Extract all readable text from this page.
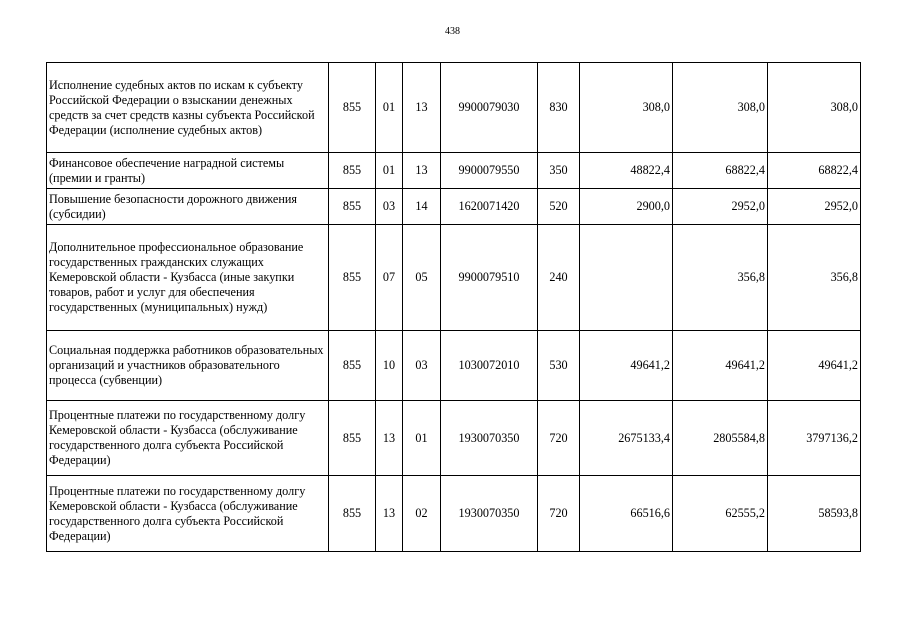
438
Исполнение судебных актов по искам к субъекту Российской Федерации о взыскании денежных средств за счет средств казны субъекта Российской Федерации (исполнение судебных актов)	855	01	13	9900079030	830	308,0	308,0	308,0
Финансовое обеспечение наградной системы (премии и гранты)	855	01	13	9900079550	350	48822,4	68822,4	68822,4
Повышение безопасности дорожного движения (субсидии)	855	03	14	1620071420	520	2900,0	2952,0	2952,0
Дополнительное профессиональное образование государственных гражданских служащих Кемеровской области - Кузбасса (иные закупки товаров, работ и услуг для обеспечения государственных (муниципальных) нужд)	855	07	05	9900079510	240		356,8	356,8
Социальная поддержка работников образовательных организаций и участников образовательного процесса (субвенции)	855	10	03	1030072010	530	49641,2	49641,2	49641,2
Процентные платежи по государственному долгу Кемеровской области - Кузбасса (обслуживание государственного долга субъекта Российской Федерации)	855	13	01	1930070350	720	2675133,4	2805584,8	3797136,2
Процентные платежи по государственному долгу Кемеровской области - Кузбасса (обслуживание государственного долга субъекта Российской Федерации)	855	13	02	1930070350	720	66516,6	62555,2	58593,8
